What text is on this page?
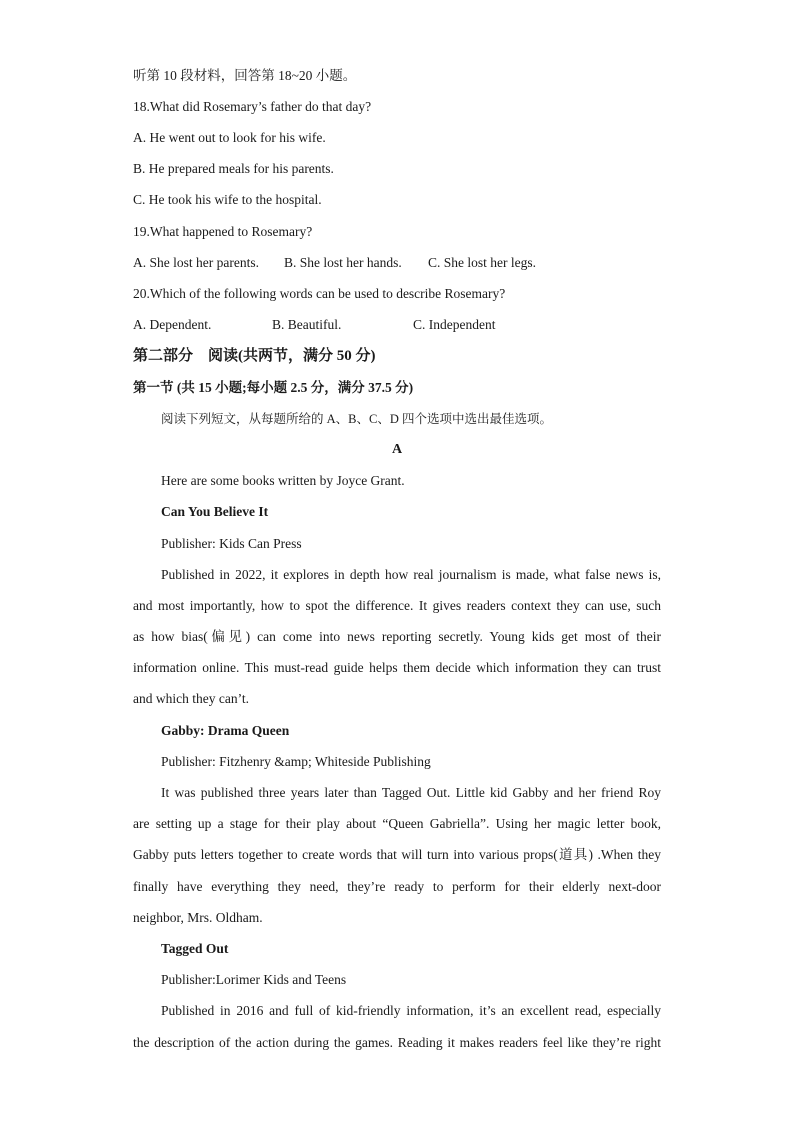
听第 10 段材料，回答第 18~20 小题。
18.What did Rosemary’s father do that day?
A. He went out to look for his wife.
B. He prepared meals for his parents.
C. He took his wife to the hospital.
19.What happened to Rosemary?
A. She lost her parents. B. She lost her hands. C. She lost her legs.
20.Which of the following words can be used to describe Rosemary?
A. Dependent.	B. Beautiful.	C. Independent
第二部分　阅读(共两节，满分 50 分)
第一节 (共 15 小题;每小题 2.5 分，满分 37.5 分)
阅读下列短文，从每题所给的 A、B、C、D 四个选项中选出最佳选项。
A
Here are some books written by Joyce Grant.
Can You Believe It
Publisher: Kids Can Press
Published in 2022, it explores in depth how real journalism is made, what false news is,
and most importantly, how to spot the difference. It gives readers context they can use, such
as how bias(偏见) can come into news reporting secretly. Young kids get most of their
information online. This must-read guide helps them decide which information they can trust
and which they can’t.
Gabby: Drama Queen
Publisher: Fitzhenry &amp; Whiteside Publishing
It was published three years later than Tagged Out. Little kid Gabby and her friend Roy
are setting up a stage for their play about “Queen Gabriella”. Using her magic letter book,
Gabby puts letters together to create words that will turn into various props(道具) .When they
finally have everything they need, they’re ready to perform for their elderly next-door
neighbor, Mrs. Oldham.
Tagged Out
Publisher:Lorimer Kids and Teens
Published in 2016 and full of kid-friendly information, it’s an excellent read, especially
the description of the action during the games. Reading it makes readers feel like they’re right
